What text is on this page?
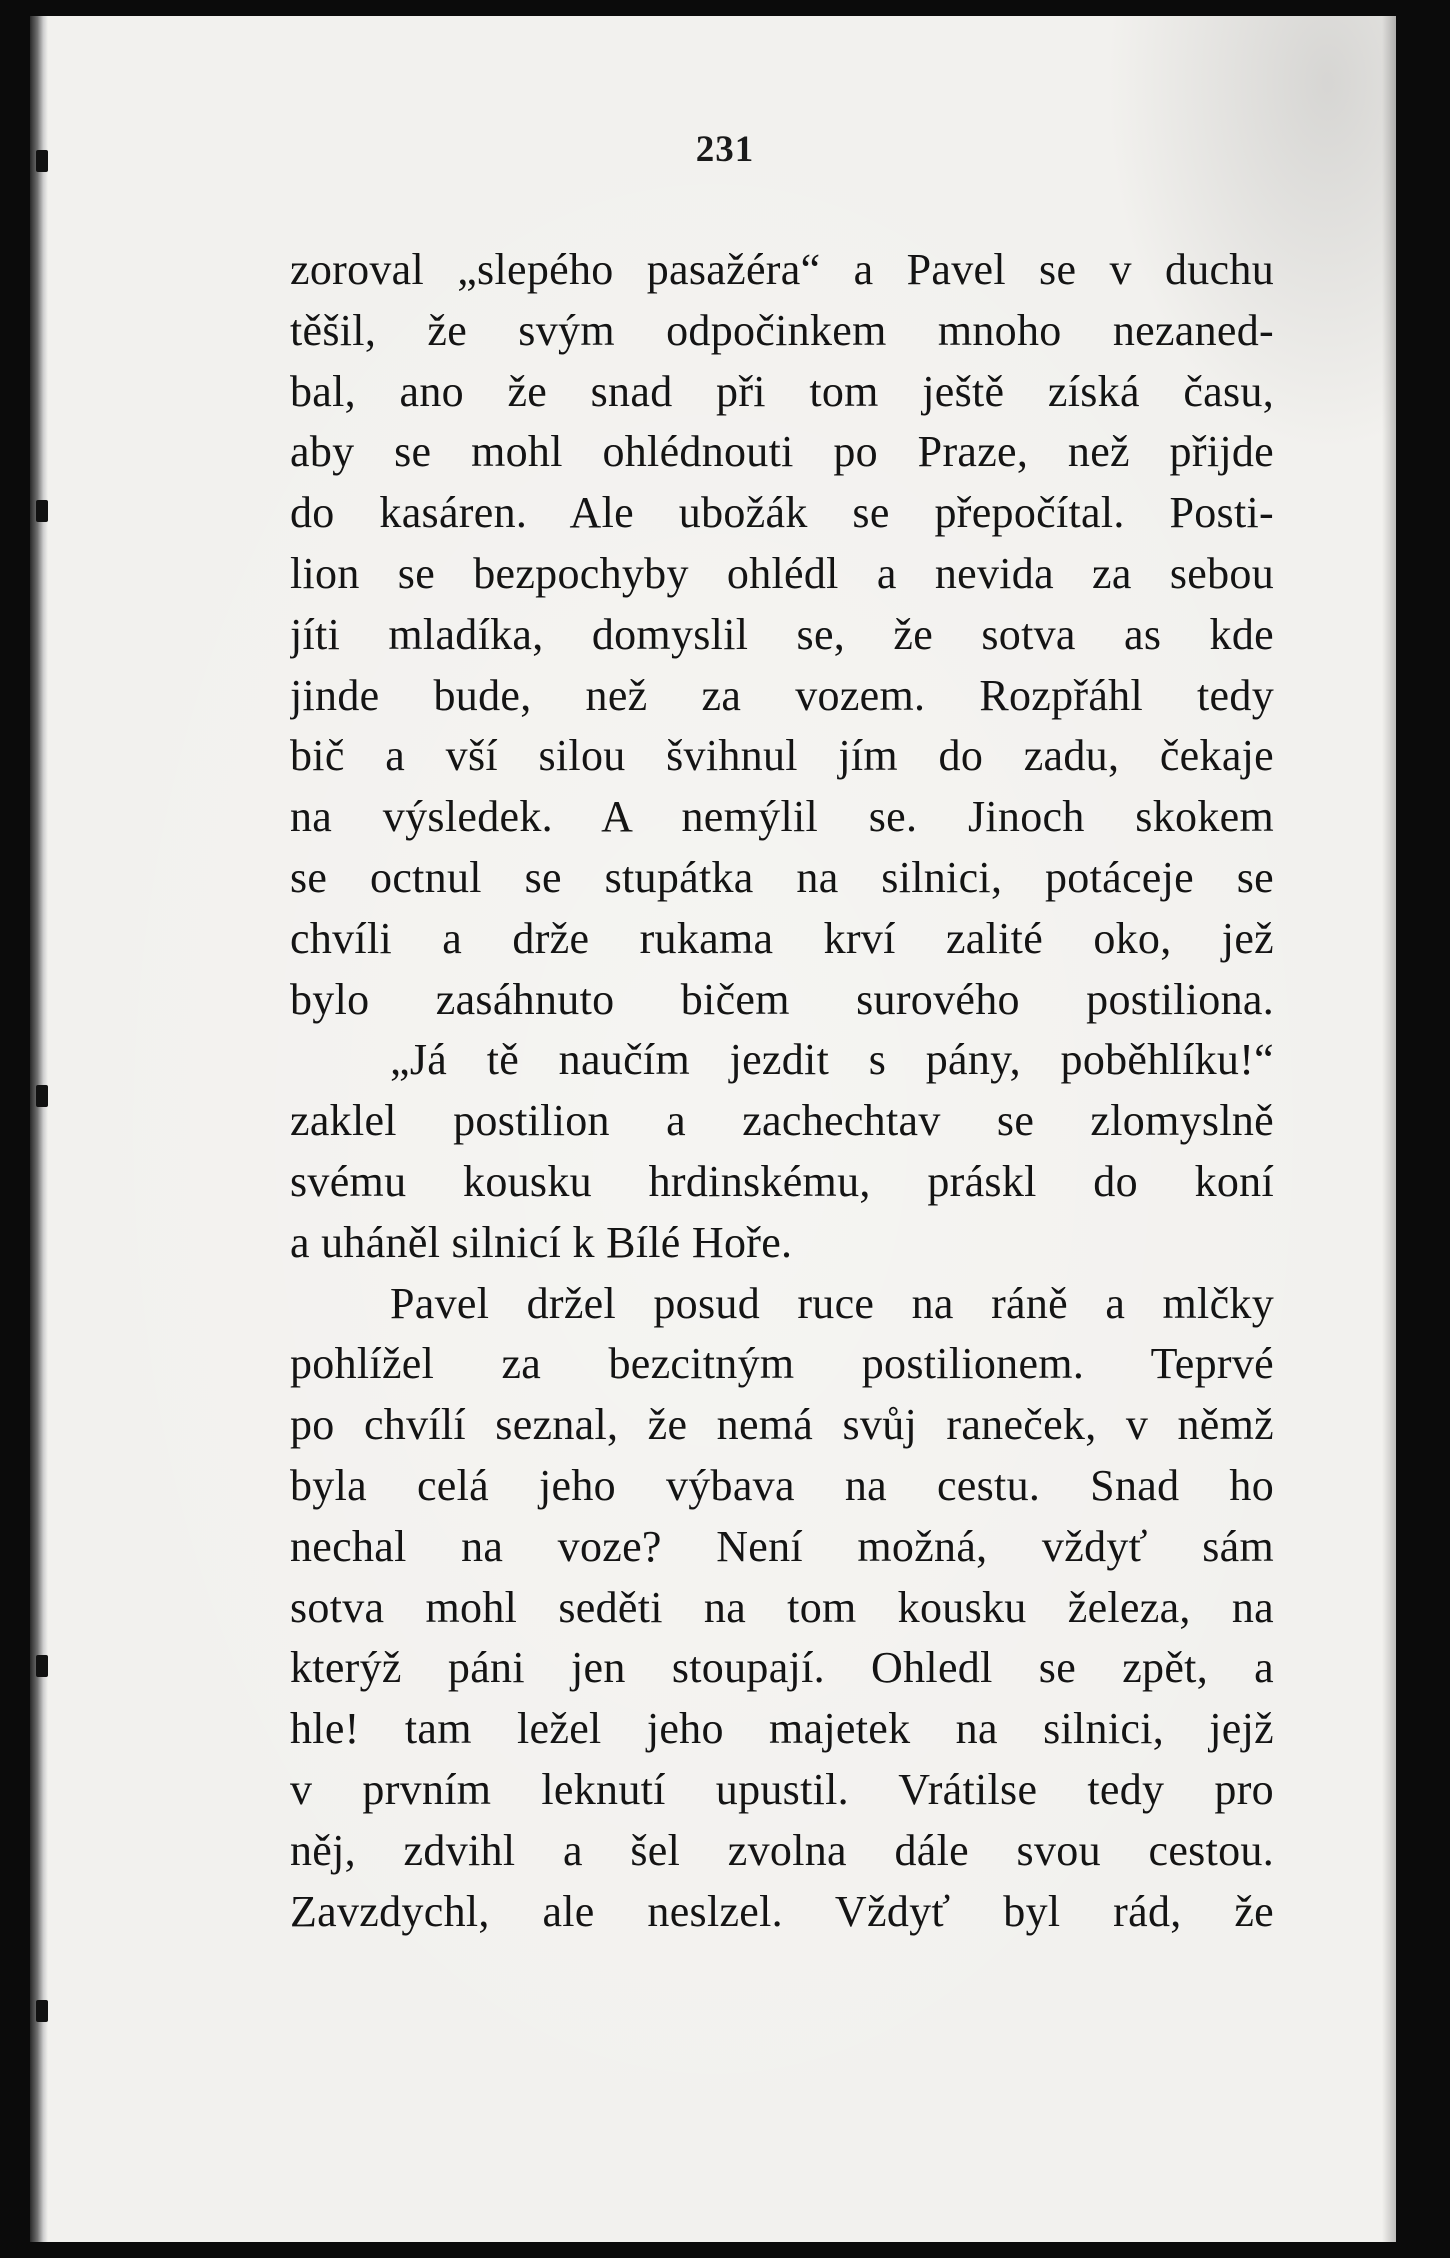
231
zoroval „slepého pasažéra“ a Pavel se v duchu
těšil, že svým odpočinkem mnoho nezaned-
bal, ano že snad při tom ještě získá času,
aby se mohl ohlédnouti po Praze, než přijde
do kasáren. Ale ubožák se přepočítal. Posti-
lion se bezpochyby ohlédl a nevida za sebou
jíti mladíka, domyslil se, že sotva as kde
jinde bude, než za vozem. Rozpřáhl tedy
bič a vší silou švihnul jím do zadu, čekaje
na výsledek. A nemýlil se. Jinoch skokem
se octnul se stupátka na silnici, potáceje se
chvíli a drže rukama krví zalité oko, jež
bylo zasáhnuto bičem surového postiliona.
„Já tě naučím jezdit s pány, poběhlíku!“
zaklel postilion a zachechtav se zlomyslně
svému kousku hrdinskému, práskl do koní
a uháněl silnicí k Bílé Hoře.
Pavel držel posud ruce na ráně a mlčky
pohlížel za bezcitným postilionem. Teprvé
po chvílí seznal, že nemá svůj raneček, v němž
byla celá jeho výbava na cestu. Snad ho
nechal na voze? Není možná, vždyť sám
sotva mohl seděti na tom kousku železa, na
kterýž páni jen stoupají. Ohledl se zpět, a
hle! tam ležel jeho majetek na silnici, jejž
v prvním leknutí upustil. Vrátilse tedy pro
něj, zdvihl a šel zvolna dále svou cestou.
Zavzdychl, ale neslzel. Vždyť byl rád, že
